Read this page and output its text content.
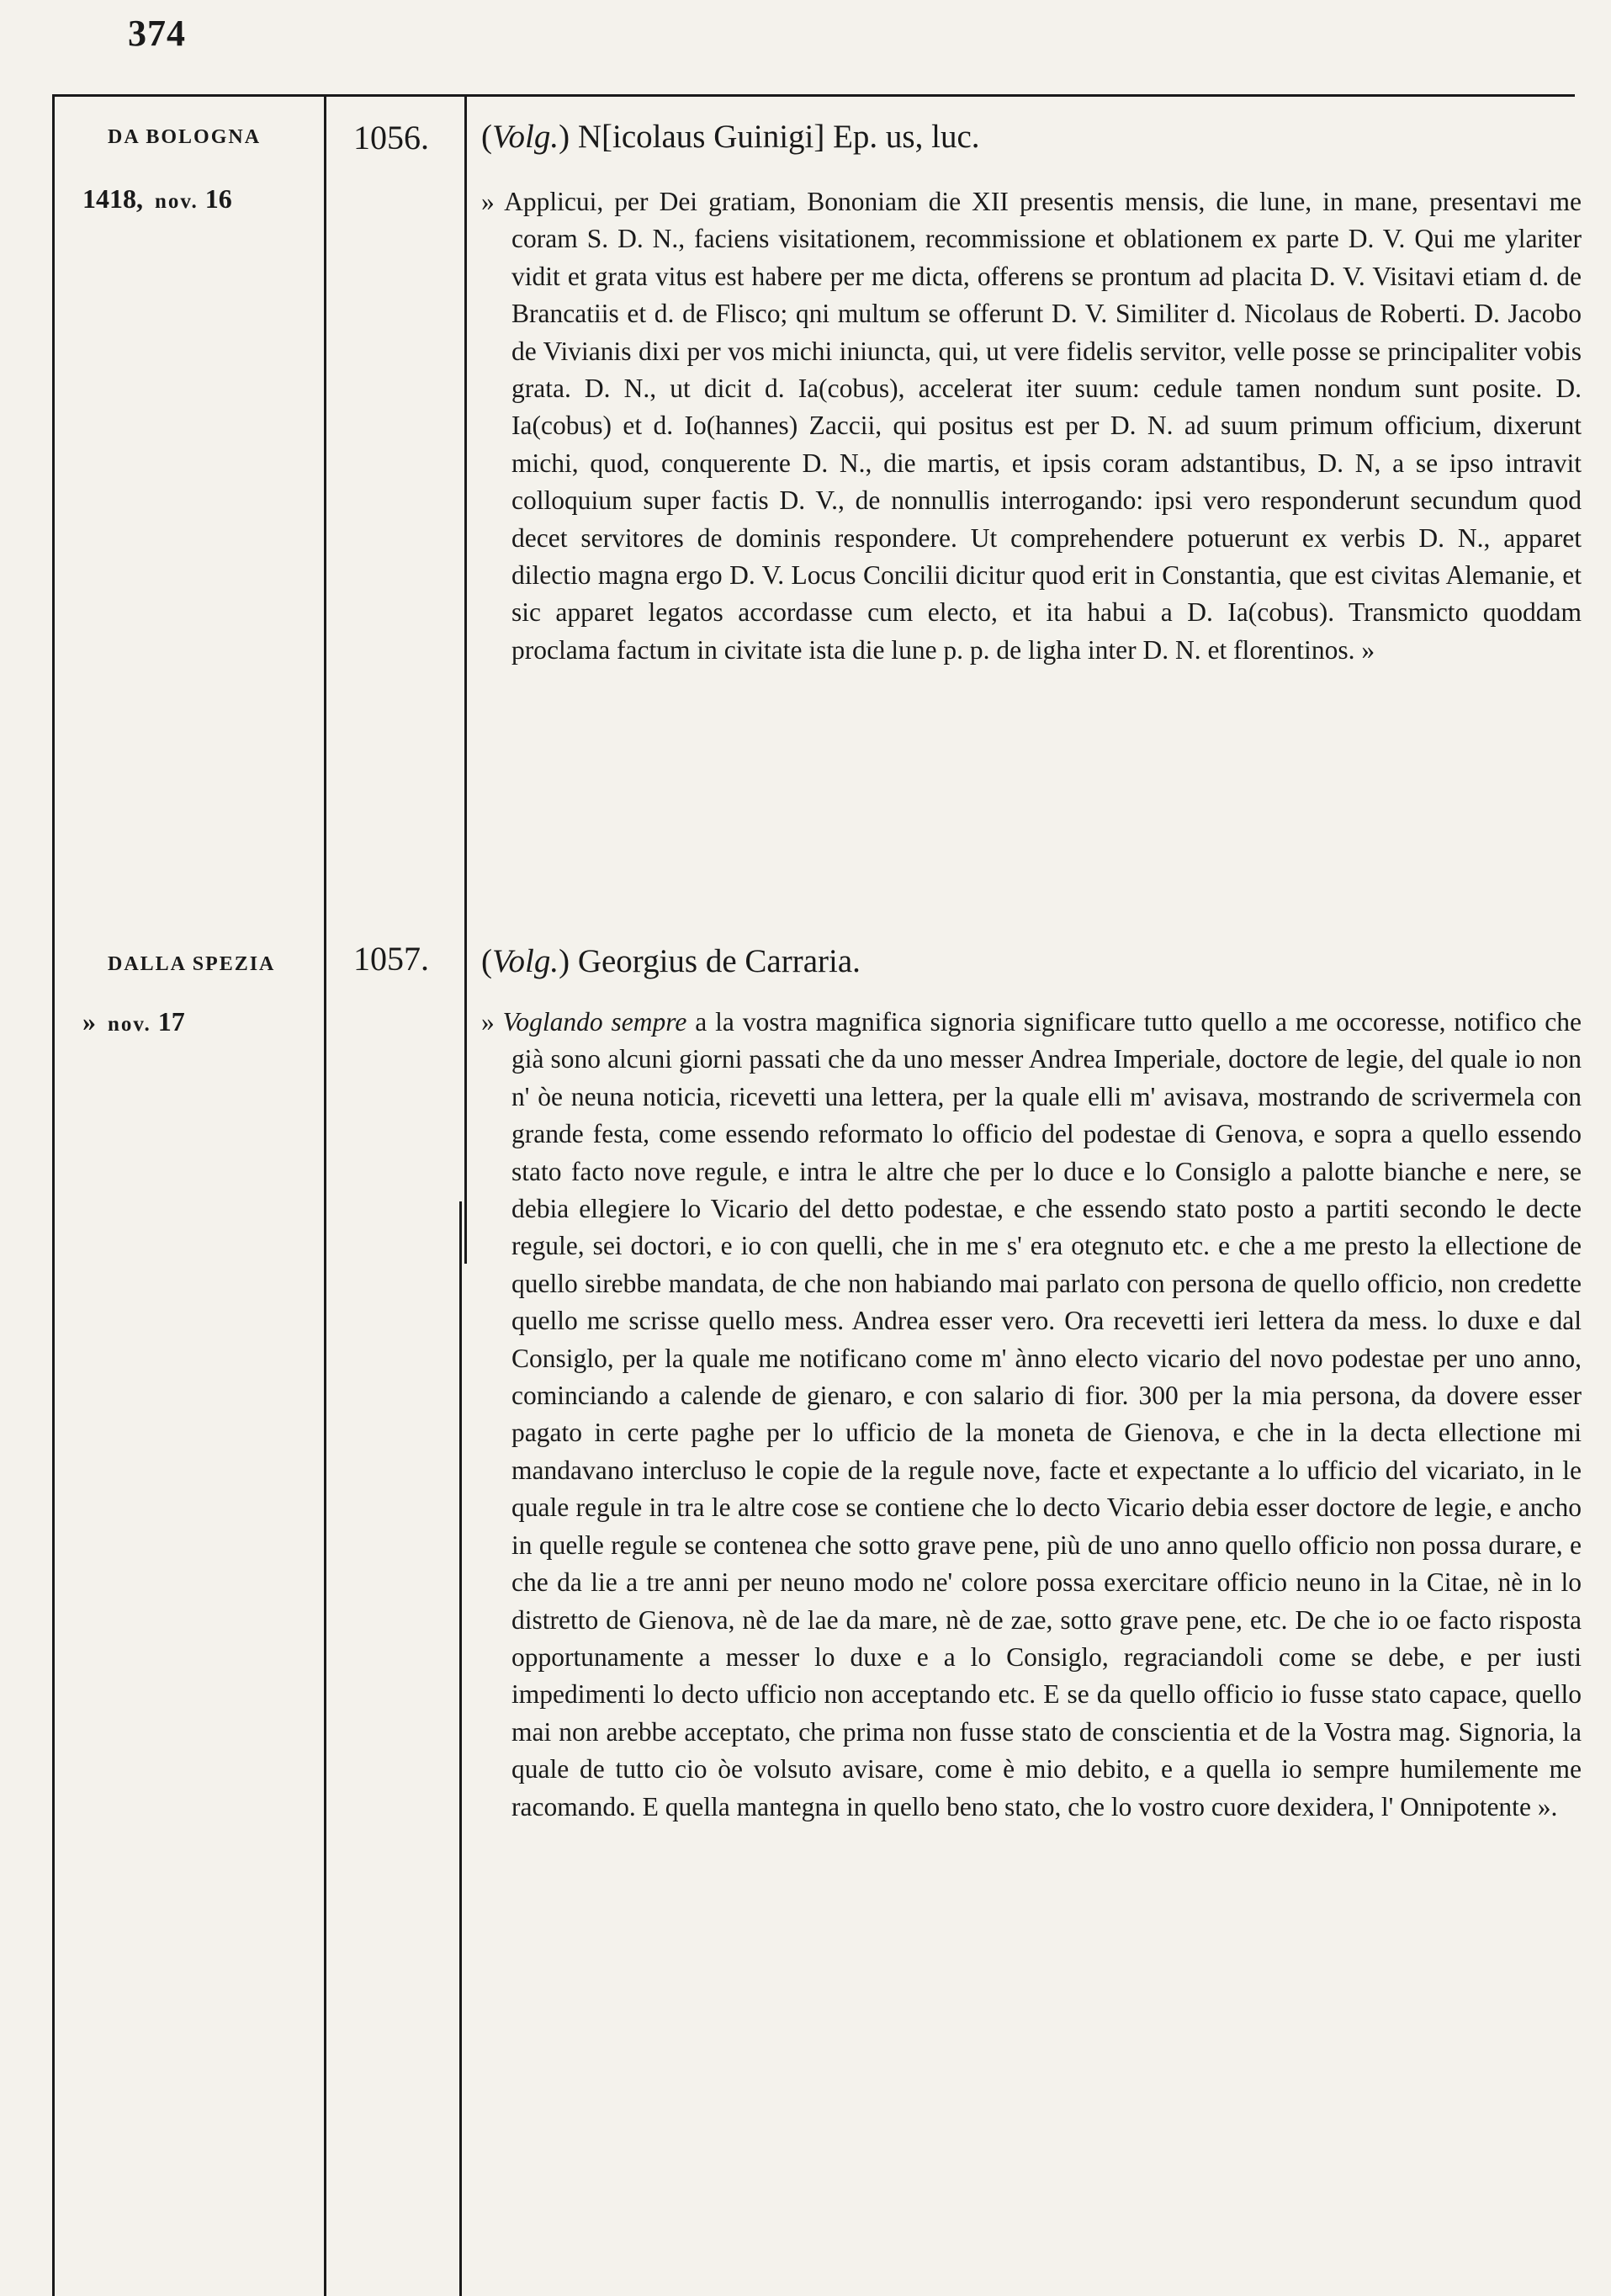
374
DA BOLOGNA
1418, nov. 16
1056. (Volg.) N[icolaus Guinigi] Ep. us, luc.
» Applicui, per Dei gratiam, Bononiam die XII presentis mensis, die lune, in mane, presentavi me coram S. D. N., faciens visitationem, recommissione et oblationem ex parte D. V. Qui me ylariter vidit et grata vitus est habere per me dicta, offerens se prontum ad placita D. V. Visitavi etiam d. de Brancatiis et d. de Flisco; qni multum se offerunt D. V. Similiter d. Nicolaus de Roberti. D. Jacobo de Vivianis dixi per vos michi iniuncta, qui, ut vere fidelis servitor, velle posse se principaliter vobis grata. D. N., ut dicit d. Ia(cobus), accelerat iter suum: cedule tamen nondum sunt posite. D. Ia(cobus) et d. Io(hannes) Zaccii, qui positus est per D. N. ad suum primum officium, dixerunt michi, quod, conquerente D. N., die martis, et ipsis coram adstantibus, D. N, a se ipso intravit colloquium super factis D. V., de nonnullis interrogando: ipsi vero responderunt secundum quod decet servitores de dominis respondere. Ut comprehendere potuerunt ex verbis D. N., apparet dilectio magna ergo D. V. Locus Concilii dicitur quod erit in Constantia, que est civitas Alemanie, et sic apparet legatos accordasse cum electo, et ita habui a D. Ia(cobus). Transmicto quoddam proclama factum in civitate ista die lune p. p. de ligha inter D. N. et florentinos. »
DALLA SPEZIA
» nov. 17
1057. (Volg.) Georgius de Carraria.
» Voglando sempre a la vostra magnifica signoria significare tutto quello a me occoresse, notifico che già sono alcuni giorni passati che da uno messer Andrea Imperiale, doctore de legie, del quale io non n' òe neuna noticia, ricevetti una lettera, per la quale elli m' avisava, mostrando de scrivermela con grande festa, come essendo reformato lo officio del podestae di Genova, e sopra a quello essendo stato facto nove regule, e intra le altre che per lo duce e lo Consiglo a palotte bianche e nere, se debia ellegiere lo Vicario del detto podestae, e che essendo stato posto a partiti secondo le decte regule, sei doctori, e io con quelli, che in me s' era otegnuto etc. e che a me presto la ellectione de quello sirebbe mandata, de che non habiando mai parlato con persona de quello officio, non credette quello me scrisse quello mess. Andrea esser vero. Ora recevetti ieri lettera da mess. lo duxe e dal Consiglo, per la quale me notificano come m' ànno electo vicario del novo podestae per uno anno, cominciando a calende de gienaro, e con salario di fior. 300 per la mia persona, da dovere esser pagato in certe paghe per lo ufficio de la moneta de Gienova, e che in la decta ellectione mi mandavano intercluso le copie de la regule nove, facte et expectante a lo ufficio del vicariato, in le quale regule in tra le altre cose se contiene che lo decto Vicario debia esser doctore de legie, e ancho in quelle regule se contenea che sotto grave pene, più de uno anno quello officio non possa durare, e che da lie a tre anni per neuno modo ne' colore possa exercitare officio neuno in la Citae, nè in lo distretto de Gienova, nè de lae da mare, nè de zae, sotto grave pene, etc. De che io oe facto risposta opportunamente a messer lo duxe e a lo Consiglo, regraciandoli come se debe, e per iusti impedimenti lo decto ufficio non acceptando etc. E se da quello officio io fusse stato capace, quello mai non arebbe acceptato, che prima non fusse stato de conscientia et de la Vostra mag. Signoria, la quale de tutto cio òe volsuto avisare, come è mio debito, e a quella io sempre humilemente me racomando. E quella mantegna in quello beno stato, che lo vostro cuore dexidera, l' Onnipotente ».
